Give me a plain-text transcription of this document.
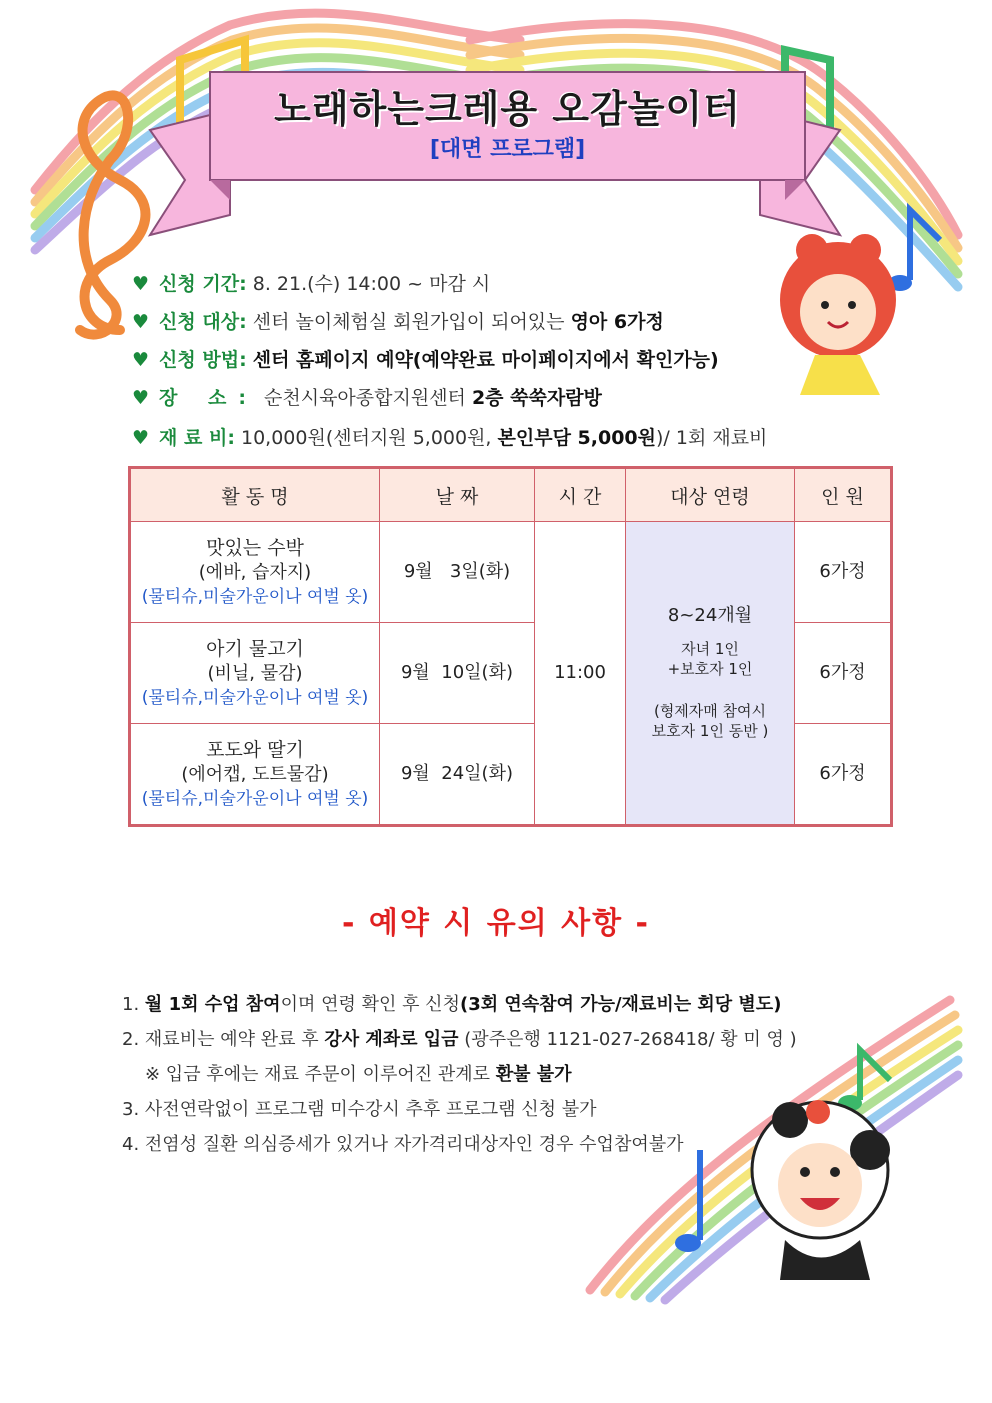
노래하는크레용 오감놀이터
[대면 프로그램]
♥ 신청 기간: 8. 21.(수) 14:00 ~ 마감 시
♥ 신청 대상: 센터 놀이체험실 회원가입이 되어있는 영아 6가정
♥ 신청 방법: 센터 홈페이지 예약(예약완료 마이페이지에서 확인가능)
♥ 장 소: 순천시육아종합지원센터 2층 쑥쑥자람방
♥ 재 료 비: 10,000원(센터지원 5,000원, 본인부담 5,000원)/ 1회 재료비
활 동 명	날 짜	시 간	대상 연령	인 원

맛있는 수박
(에바, 습자지)
(물티슈,미술가운이나 여벌 옷)	9월   3일(화)	11:00	8~24개월
자녀 1인
+보호자 1인
(형제자매 참여시
보호자 1인 동반 )	6가정

아기 물고기
(비닐, 물감)
(물티슈,미술가운이나 여벌 옷)	9월  10일(화)			6가정

포도와 딸기
(에어캡, 도트물감)
(물티슈,미술가운이나 여벌 옷)	9월  24일(화)			6가정
- 예약 시 유의 사항 -
1. 월 1회 수업 참여이며 연령 확인 후 신청(3회 연속참여 가능/재료비는 회당 별도)
2. 재료비는 예약 완료 후 강사 계좌로 입금 (광주은행 1121-027-268418/ 황 미 영 )
※ 입금 후에는 재료 주문이 이루어진 관계로 환불 불가
3. 사전연락없이 프로그램 미수강시 추후 프로그램 신청 불가
4. 전염성 질환 의심증세가 있거나 자가격리대상자인 경우 수업참여불가
